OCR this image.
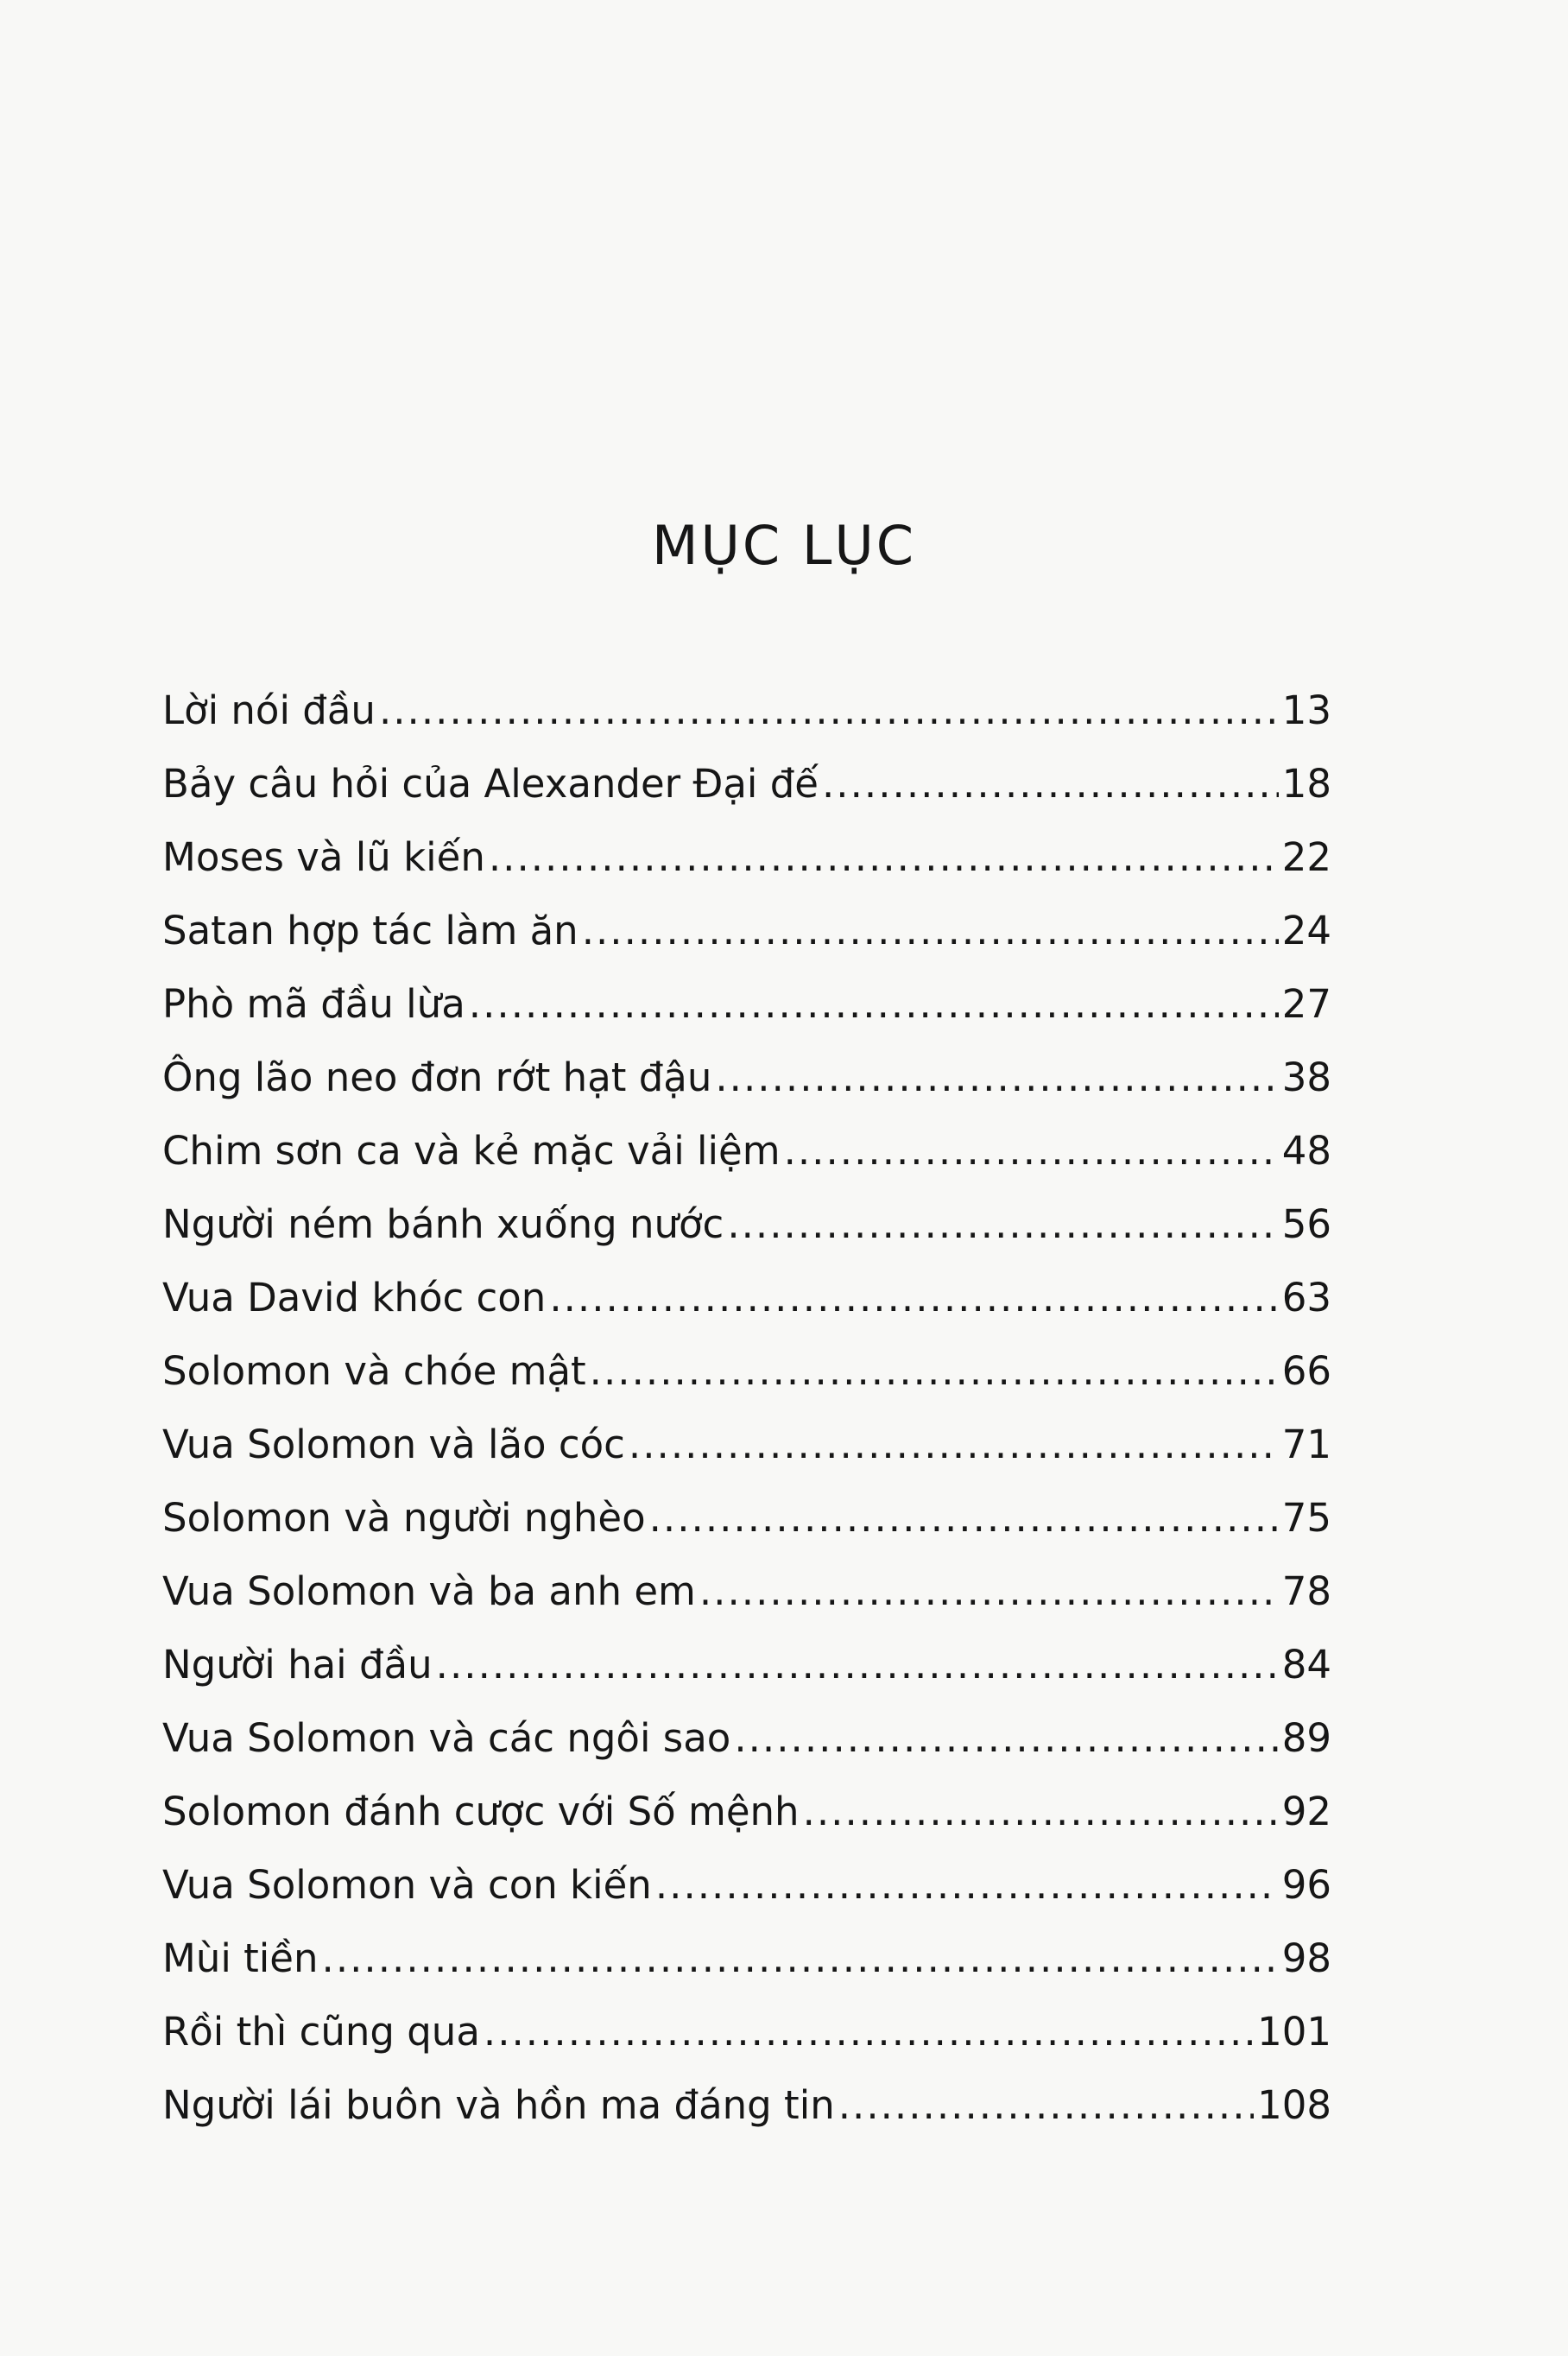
MỤC LỤC
Lời nói đầu .....	13
Bảy câu hỏi của Alexander Đại đế .....	18
Moses và lũ kiến .....	22
Satan hợp tác làm ăn .....	24
Phò mã đầu lừa .....	27
Ông lão neo đơn rớt hạt đậu .....	38
Chim sơn ca và kẻ mặc vải liệm .....	48
Người ném bánh xuống nước .....	56
Vua David khóc con .....	63
Solomon và chóe mật .....	66
Vua Solomon và lão cóc .....	71
Solomon và người nghèo .....	75
Vua Solomon và ba anh em .....	78
Người hai đầu .....	84
Vua Solomon và các ngôi sao .....	89
Solomon đánh cược với Số mệnh .....	92
Vua Solomon và con kiến .....	96
Mùi tiền .....	98
Rồi thì cũng qua .....	101
Người lái buôn và hồn ma đáng tin .....	108
